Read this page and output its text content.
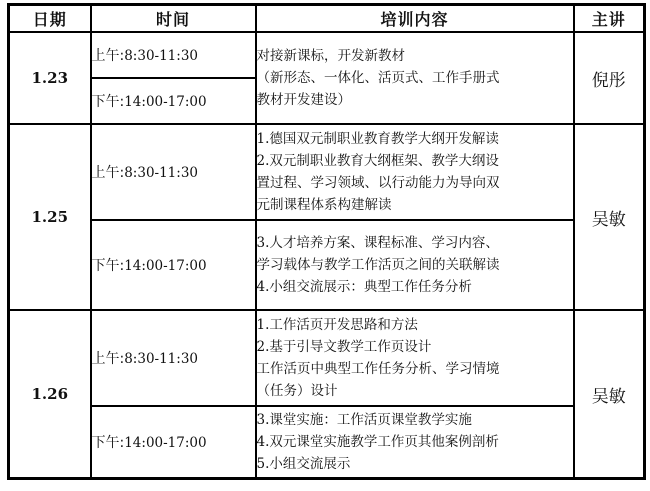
日期	时间	培训内容	主讲
1.23	上午:8:30-11:30	对接新课标，开发新教材
（新形态、一体化、活页式、工作手册式
教材开发建设）	倪彤
	下午:14:00-17:00		
1.25	上午:8:30-11:30	1.德国双元制职业教育教学大纲开发解读
2.双元制职业教育大纲框架、教学大纲设
置过程、学习领域、以行动能力为导向双
元制课程体系构建解读	吴敏
	下午:14:00-17:00	3.人才培养方案、课程标准、学习内容、
学习载体与教学工作活页之间的关联解读
4.小组交流展示：典型工作任务分析	

1.26	上午:8:30-11:30	1.工作活页开发思路和方法
2.基于引导文教学工作页设计
工作活页中典型工作任务分析、学习情境
（任务）设计	吴敏
	下午:14:00-17:00	3.课堂实施：工作活页课堂教学实施
4.双元课堂实施教学工作页其他案例剖析
5.小组交流展示	
